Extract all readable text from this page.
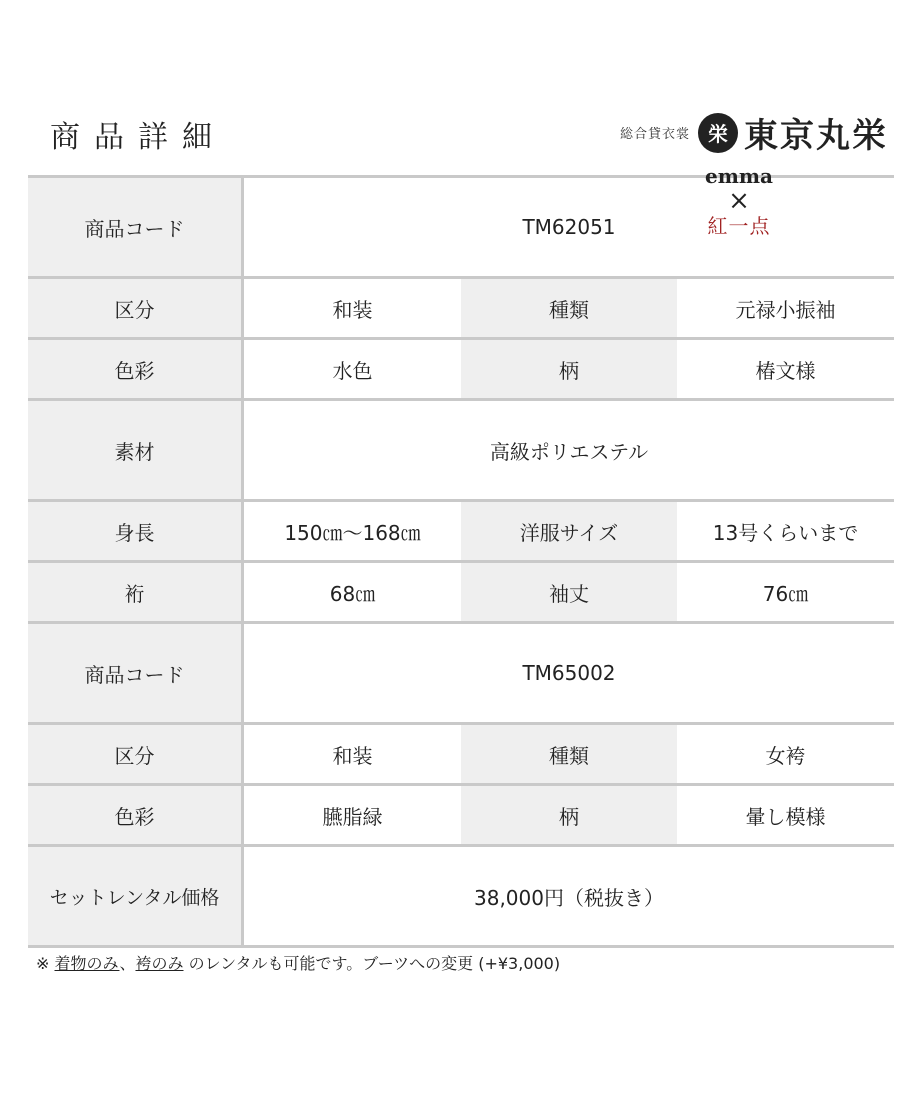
商品詳細	総合貸衣裳 栄 東京丸栄
商品コード	TM62051
emma
×
紅一点
区分	和装	種類	元禄小振袖
色彩	水色	柄	椿文様
素材	高級ポリエステル
身長	150㎝～168㎝	洋服サイズ	13号くらいまで
裄	68㎝	袖丈	76㎝
商品コード	TM65002
区分	和装	種類	女袴
色彩	臙脂緑	柄	暈し模様
セットレンタル価格	38,000円（税抜き）
※ 着物のみ、袴のみ のレンタルも可能です。ブーツへの変更 (+¥3,000)
